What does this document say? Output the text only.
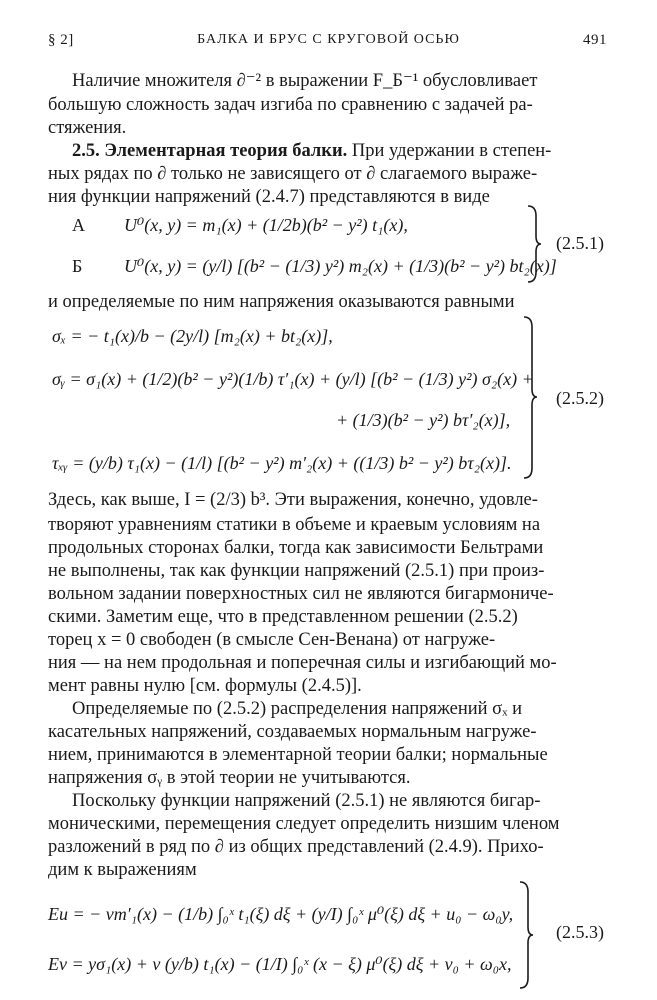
§ 2]	БАЛКА И БРУС С КРУГОВОЙ ОСЬЮ	491
Наличие множителя ∂⁻² в выражении F_Б⁻¹ обусловливает
большую сложность задач изгиба по сравнению с задачей ра-
стяжения.
2.5. Элементарная теория балки. При удержании в степен-
ных рядах по ∂ только не зависящего от ∂ слагаемого выраже-
ния функции напряжений (2.4.7) представляются в виде
А U⁰(x, y) = m₁(x) + (1/2b)(b² − y²) t₁(x),
Б U⁰(x, y) = (y/l) [(b² − (1/3) y²) m₂(x) + (1/3)(b² − y²) bt₂(x)]
(2.5.1)
и определяемые по ним напряжения оказываются равными
σₓ = − t₁(x)/b − (2y/l) [m₂(x) + bt₂(x)],
σᵧ = σ₁(x) + (1/2)(b² − y²)(1/b) τ′₁(x) + (y/l) [(b² − (1/3) y²) σ₂(x) +
+ (1/3)(b² − y²) bτ′₂(x)],
τₓᵧ = (y/b) τ₁(x) − (1/l) [(b² − y²) m′₂(x) + ((1/3) b² − y²) bτ₂(x)].
(2.5.2)
Здесь, как выше, I = (2/3) b³. Эти выражения, конечно, удовле-
творяют уравнениям статики в объеме и краевым условиям на
продольных сторонах балки, тогда как зависимости Бельтрами
не выполнены, так как функции напряжений (2.5.1) при произ-
вольном задании поверхностных сил не являются бигармониче-
скими. Заметим еще, что в представленном решении (2.5.2)
торец x = 0 свободен (в смысле Сен-Венана) от нагруже-
ния — на нем продольная и поперечная силы и изгибающий мо-
мент равны нулю [см. формулы (2.4.5)].
Определяемые по (2.5.2) распределения напряжений σₓ и
касательных напряжений, создаваемых нормальным нагруже-
нием, принимаются в элементарной теории балки; нормальные
напряжения σᵧ в этой теории не учитываются.
Поскольку функции напряжений (2.5.1) не являются бигар-
моническими, перемещения следует определить низшим членом
разложений в ряд по ∂ из общих представлений (2.4.9). Прихо-
дим к выражениям
Eu = − νm′₁(x) − (1/b) ∫₀ˣ t₁(ξ) dξ + (y/I) ∫₀ˣ μ⁰(ξ) dξ + u₀ − ω₀y,
Ev = yσ₁(x) + ν (y/b) t₁(x) − (1/I) ∫₀ˣ (x − ξ) μ⁰(ξ) dξ + v₀ + ω₀x,
(2.5.3)
